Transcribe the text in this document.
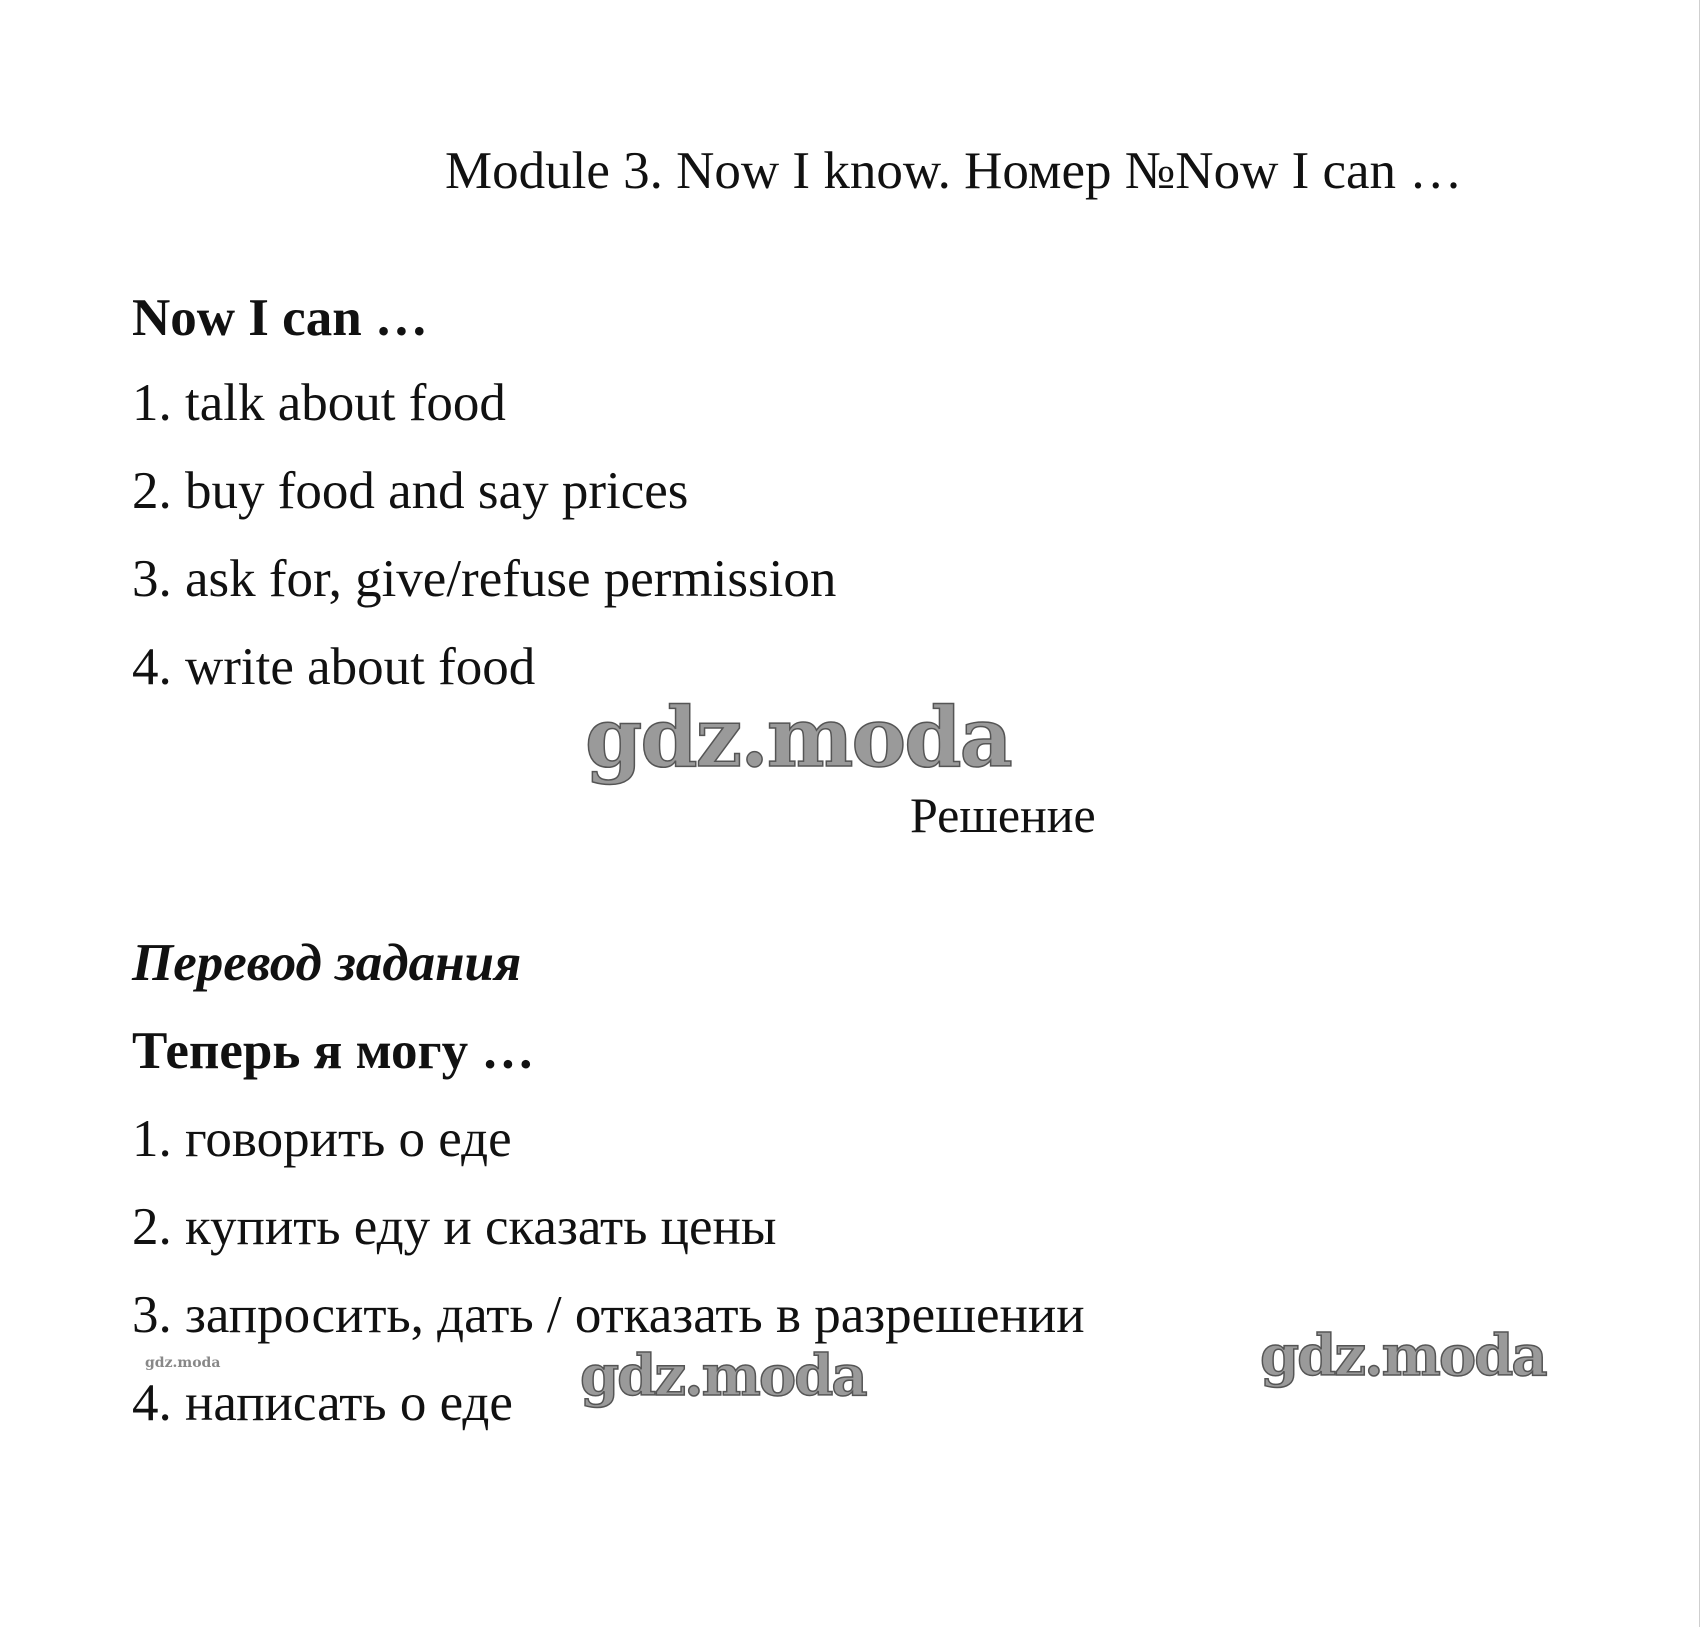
Module 3. Now I know. Номер №Now I can …
Now I can …
1. talk about food
2. buy food and say prices
3. ask for, give/refuse permission
4. write about food
gdz.moda
Решение
Перевод задания
Теперь я могу …
1. говорить о еде
2. купить еду и сказать цены
3. запросить, дать / отказать в разрешении
4. написать о еде
gdz.moda	gdz.moda	gdz.moda
